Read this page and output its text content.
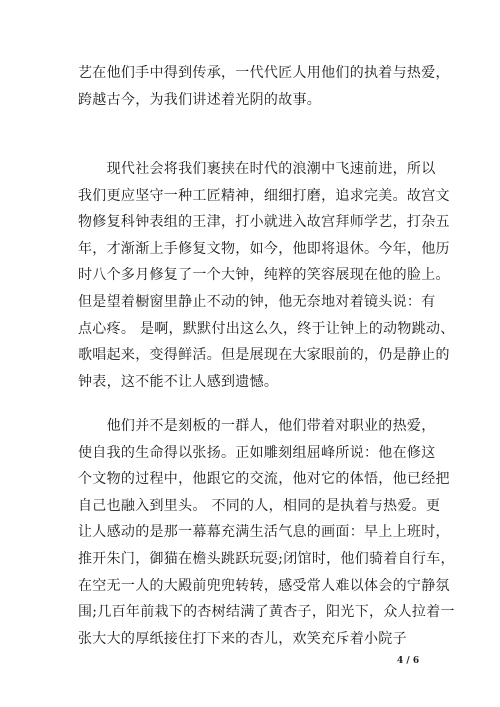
艺在他们手中得到传承，一代代匠人用他们的执着与热爱，
跨越古今，为我们讲述着光阴的故事。
　　现代社会将我们裹挟在时代的浪潮中飞速前进，所以
我们更应坚守一种工匠精神，细细打磨，追求完美。故宫文
物修复科钟表组的王津，打小就进入故宫拜师学艺，打杂五
年，才渐渐上手修复文物，如今，他即将退休。今年，他历
时八个多月修复了一个大钟，纯粹的笑容展现在他的脸上。
但是望着橱窗里静止不动的钟，他无奈地对着镜头说：有
点心疼。 是啊，默默付出这么久，终于让钟上的动物跳动、
歌唱起来，变得鲜活。但是展现在大家眼前的，仍是静止的
钟表，这不能不让人感到遗憾。
　　他们并不是刻板的一群人，他们带着对职业的热爱，
使自我的生命得以张扬。正如雕刻组屈峰所说：他在修这
个文物的过程中，他跟它的交流，他对它的体悟，他已经把
自己也融入到里头。 不同的人，相同的是执着与热爱。更
让人感动的是那一幕幕充满生活气息的画面：早上上班时，
推开朱门，御猫在檐头跳跃玩耍;闭馆时，他们骑着自行车，
在空无一人的大殿前兜兜转转，感受常人难以体会的宁静氛
围;几百年前栽下的杏树结满了黄杏子，阳光下，众人拉着一
张大大的厚纸接住打下来的杏儿，欢笑充斥着小院子
4 / 6
